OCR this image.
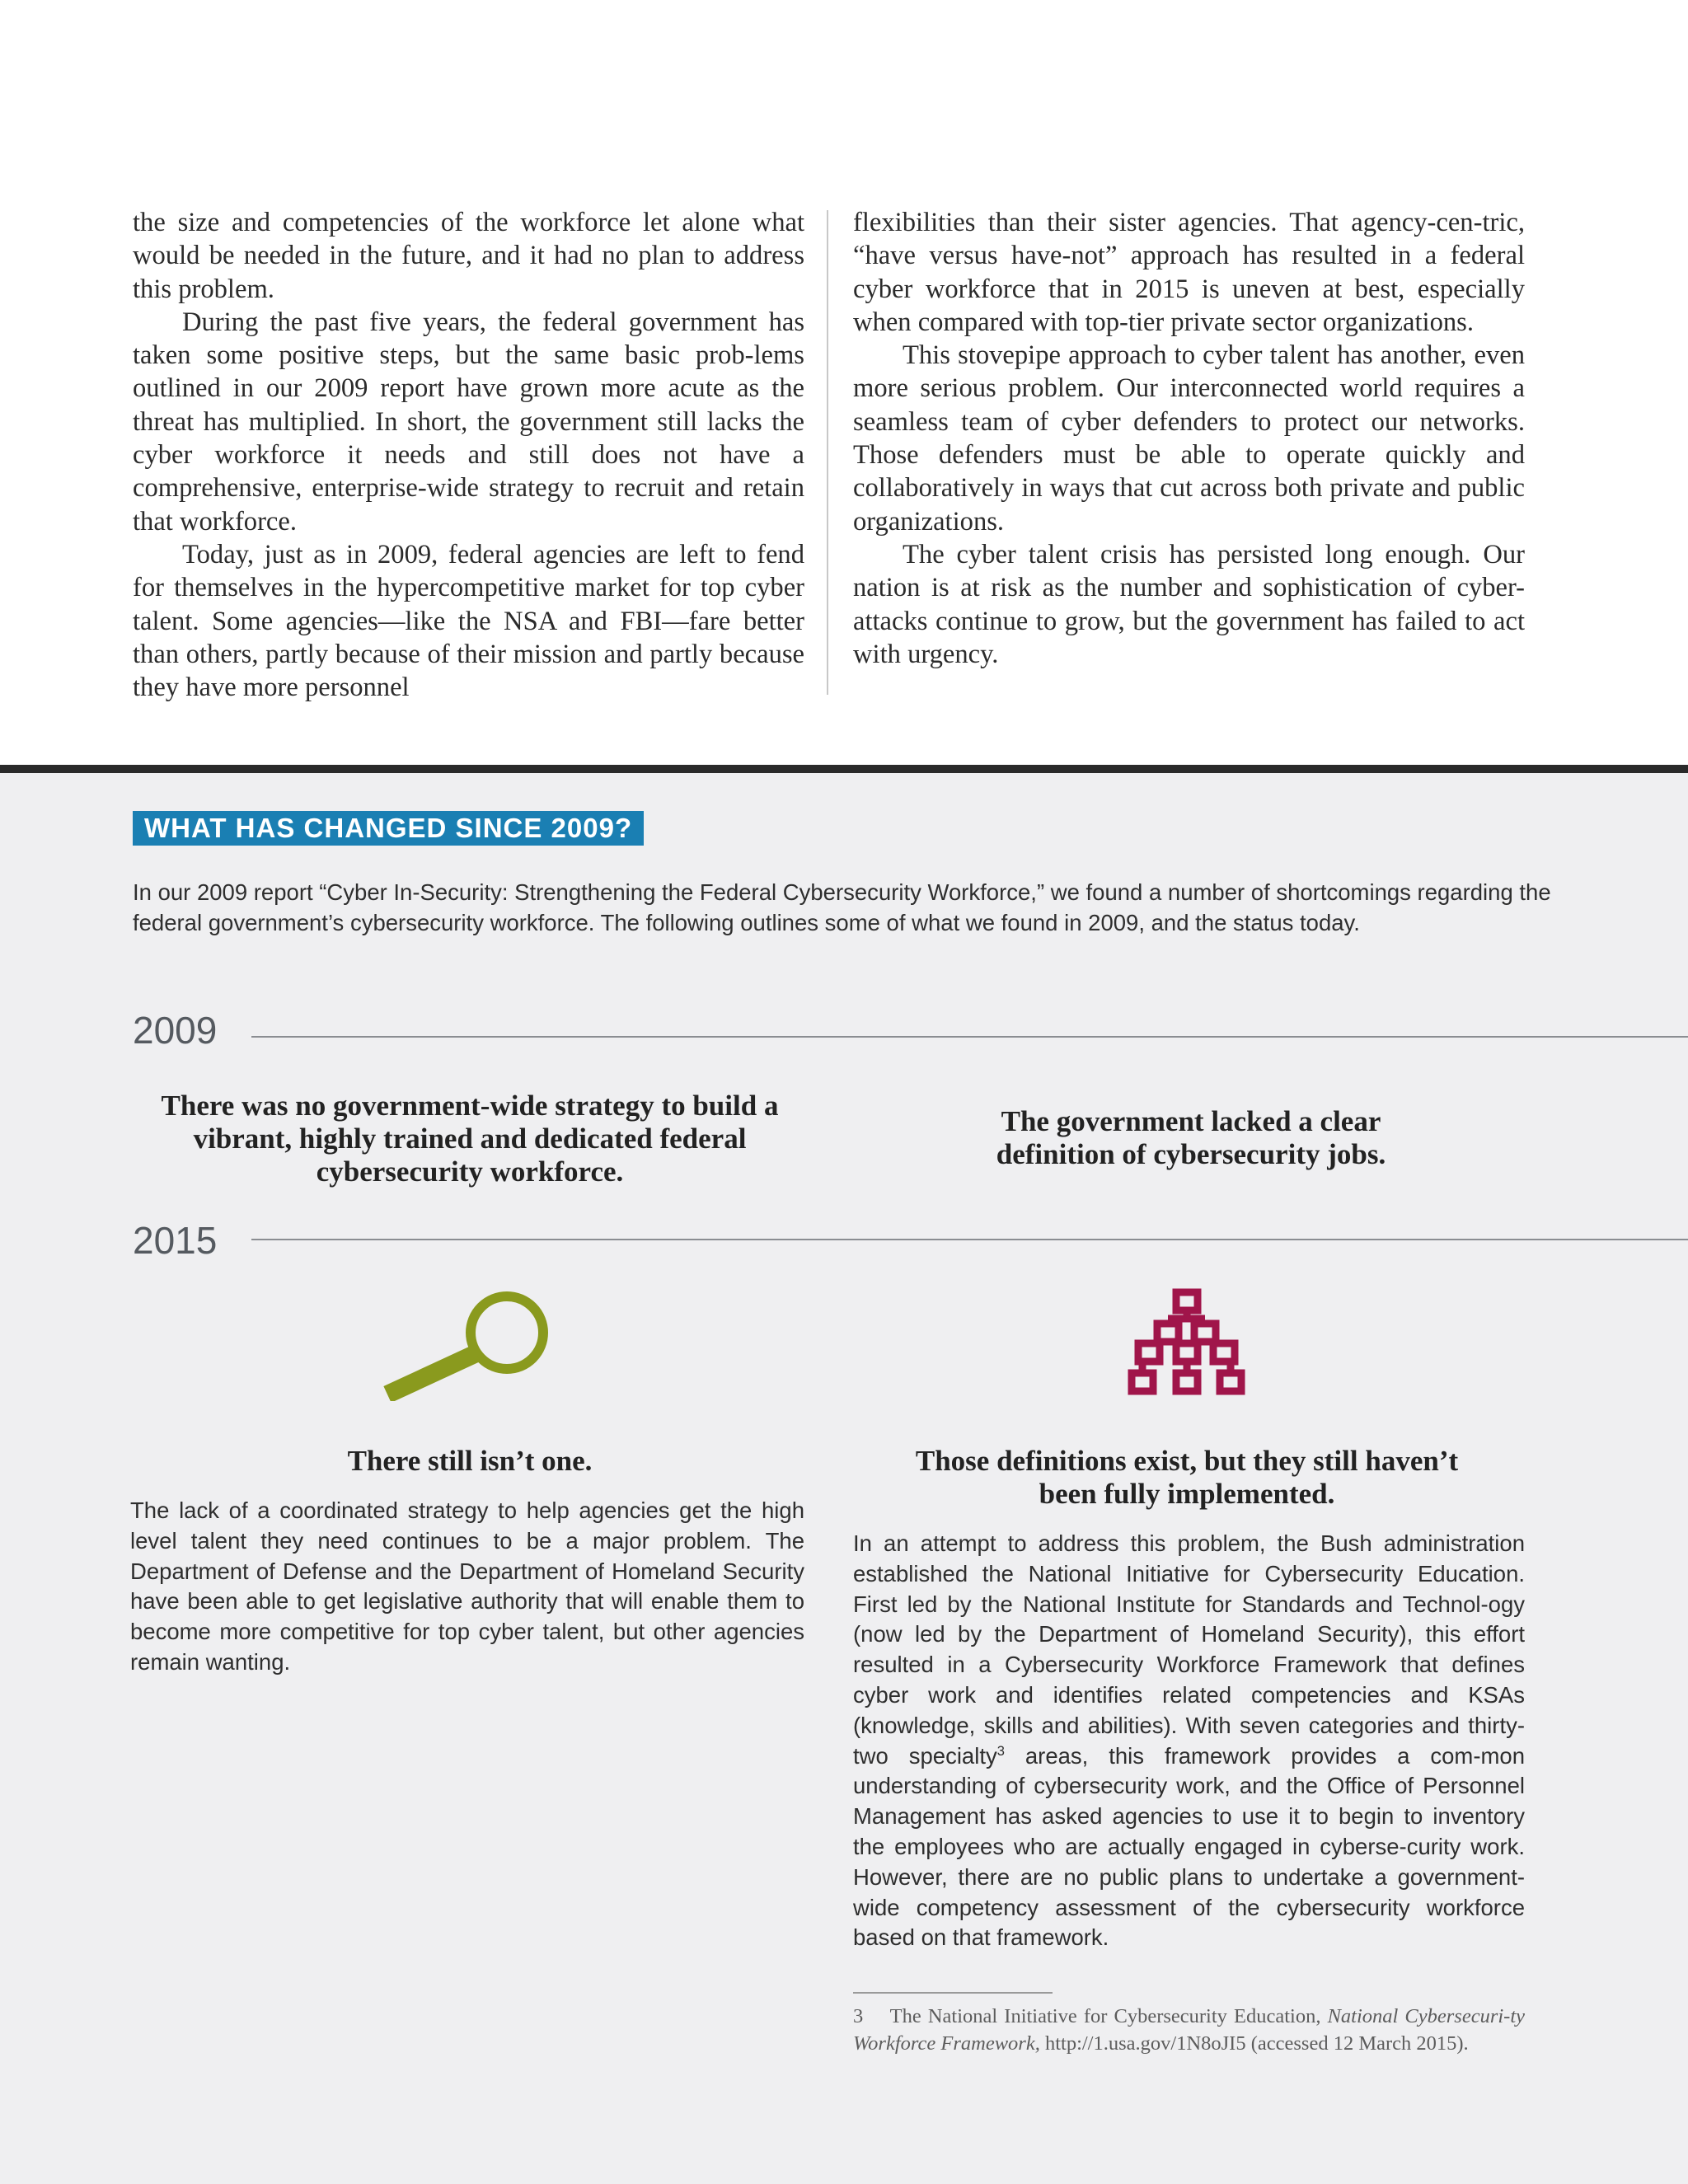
the size and competencies of the workforce let alone what would be needed in the future, and it had no plan to address this problem.

During the past five years, the federal government has taken some positive steps, but the same basic prob-lems outlined in our 2009 report have grown more acute as the threat has multiplied. In short, the government still lacks the cyber workforce it needs and still does not have a comprehensive, enterprise-wide strategy to recruit and retain that workforce.

Today, just as in 2009, federal agencies are left to fend for themselves in the hypercompetitive market for top cyber talent. Some agencies—like the NSA and FBI—fare better than others, partly because of their mission and partly because they have more personnel

flexibilities than their sister agencies. That agency-cen-tric, “have versus have-not” approach has resulted in a federal cyber workforce that in 2015 is uneven at best, especially when compared with top-tier private sector organizations.

This stovepipe approach to cyber talent has another, even more serious problem. Our interconnected world requires a seamless team of cyber defenders to protect our networks. Those defenders must be able to operate quickly and collaboratively in ways that cut across both private and public organizations.

The cyber talent crisis has persisted long enough. Our nation is at risk as the number and sophistication of cyber-attacks continue to grow, but the government has failed to act with urgency.

WHAT HAS CHANGED SINCE 2009?
In our 2009 report “Cyber In-Security: Strengthening the Federal Cybersecurity Workforce,” we found a number of shortcomings regarding the federal government’s cybersecurity workforce. The following outlines some of what we found in 2009, and the status today.
2009
There was no government-wide strategy to build a vibrant, highly trained and dedicated federal cybersecurity workforce.
The government lacked a clear definition of cybersecurity jobs.
2015
There still isn’t one.	Those definitions exist, but they still haven’t been fully implemented.
The lack of a coordinated strategy to help agencies get the high level talent they need continues to be a major problem. The Department of Defense and the Department of Homeland Security have been able to get legislative authority that will enable them to become more competitive for top cyber talent, but other agencies remain wanting.

In an attempt to address this problem, the Bush administration established the National Initiative for Cybersecurity Education. First led by the National Institute for Standards and Technol-ogy (now led by the Department of Homeland Security), this effort resulted in a Cybersecurity Workforce Framework that defines cyber work and identifies related competencies and KSAs (knowledge, skills and abilities). With seven categories and thirty-two specialty$^3$ areas, this framework provides a com-mon understanding of cybersecurity work, and the Office of Personnel Management has asked agencies to use it to begin to inventory the employees who are actually engaged in cyberse-curity work. However, there are no public plans to undertake a government-wide competency assessment of the cybersecurity workforce based on that framework.

3 The National Initiative for Cybersecurity Education, National Cybersecuri-ty Workforce Framework, http://1.usa.gov/1N8oJI5 (accessed 12 March 2015).
